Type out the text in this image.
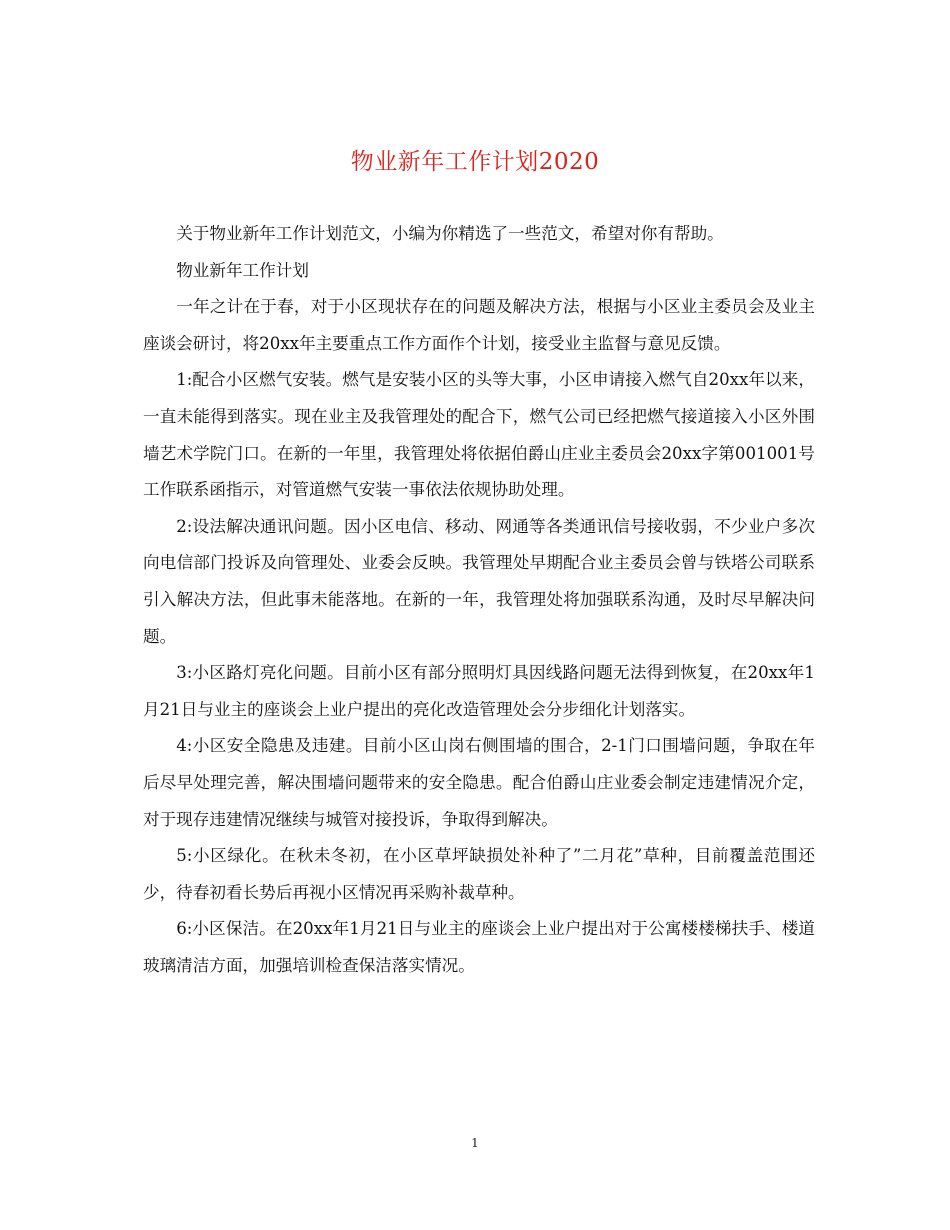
物业新年工作计划2020

关于物业新年工作计划范文，小编为你精选了一些范文，希望对你有帮助。

物业新年工作计划

一年之计在于春，对于小区现状存在的问题及解决方法，根据与小区业主委员会及业主座谈会研讨，将20xx年主要重点工作方面作个计划，接受业主监督与意见反馈。

1:配合小区燃气安装。燃气是安装小区的头等大事，小区申请接入燃气自20xx年以来，一直未能得到落实。现在业主及我管理处的配合下，燃气公司已经把燃气接道接入小区外围墙艺术学院门口。在新的一年里，我管理处将依据伯爵山庄业主委员会20xx字第001001号工作联系函指示，对管道燃气安装一事依法依规协助处理。

2:设法解决通讯问题。因小区电信、移动、网通等各类通讯信号接收弱，不少业户多次向电信部门投诉及向管理处、业委会反映。我管理处早期配合业主委员会曾与铁塔公司联系引入解决方法，但此事未能落地。在新的一年，我管理处将加强联系沟通，及时尽早解决问题。

3:小区路灯亮化问题。目前小区有部分照明灯具因线路问题无法得到恢复，在20xx年1月21日与业主的座谈会上业户提出的亮化改造管理处会分步细化计划落实。

4:小区安全隐患及违建。目前小区山岗右侧围墙的围合，2-1门口围墙问题，争取在年后尽早处理完善，解决围墙问题带来的安全隐患。配合伯爵山庄业委会制定违建情况介定，对于现存违建情况继续与城管对接投诉，争取得到解决。

5:小区绿化。在秋未冬初，在小区草坪缺损处补种了”二月花”草种，目前覆盖范围还少，待春初看长势后再视小区情况再采购补裁草种。

6:小区保洁。在20xx年1月21日与业主的座谈会上业户提出对于公寓楼楼梯扶手、楼道玻璃清洁方面，加强培训检查保洁落实情况。

1
